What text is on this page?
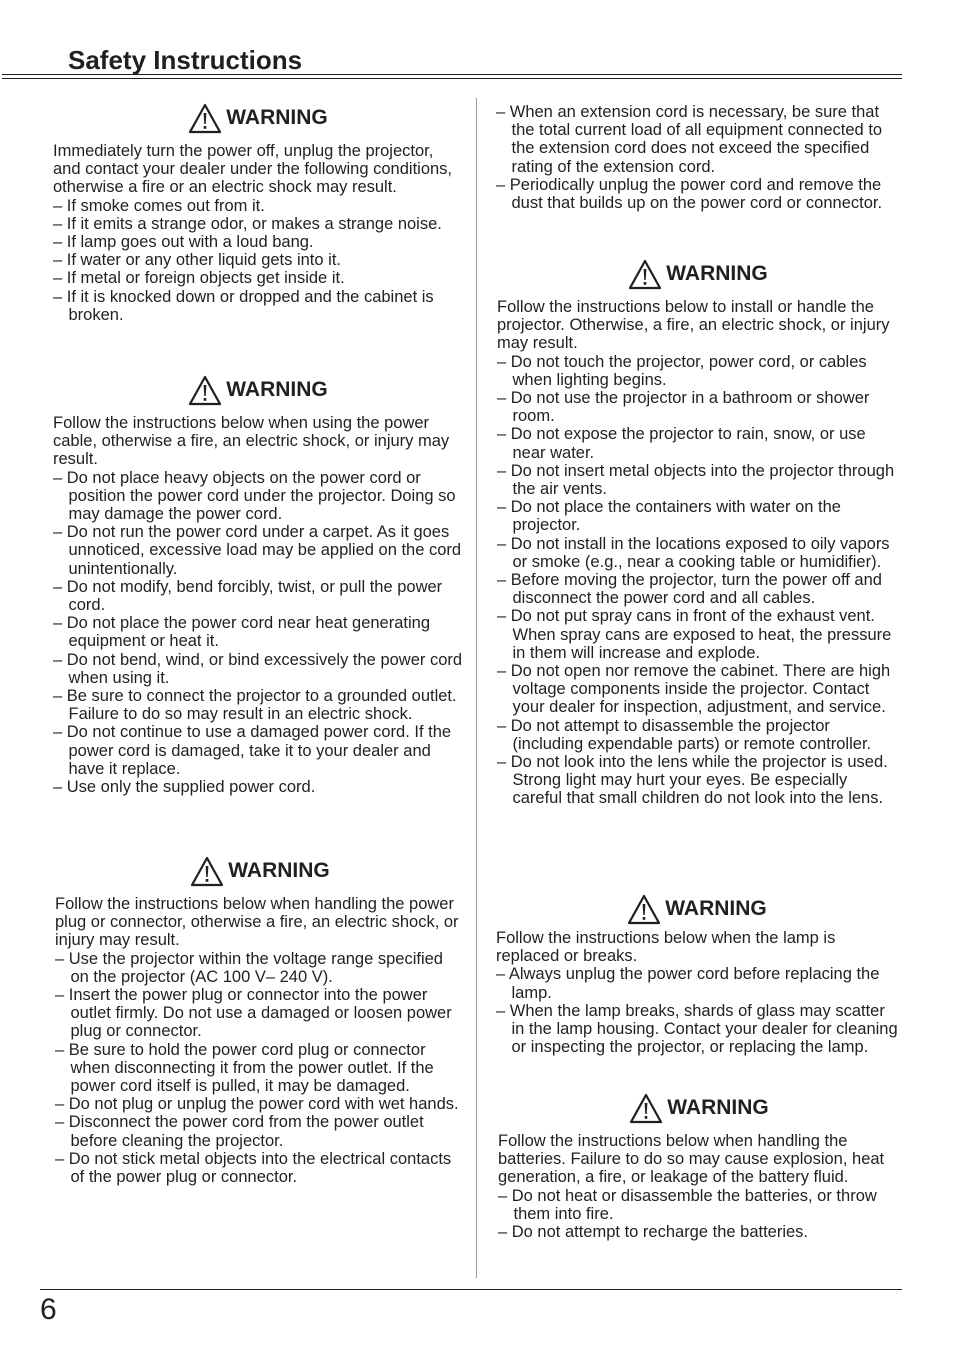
Safety Instructions
WARNING

Immediately turn the power off, unplug the projector, and contact your dealer under the following conditions, otherwise a fire or an electric shock may result.

– If smoke comes out from it.
– If it emits a strange odor, or makes a strange noise.
– If lamp goes out with a loud bang.
– If water or any other liquid gets into it.
– If metal or foreign objects get inside it.
– If it is knocked down or dropped and the cabinet is broken.
WARNING

Follow the instructions below when using the power cable, otherwise a fire, an electric shock, or injury may result.

– Do not place heavy objects on the power cord or position the power cord under the projector. Doing so may damage the power cord.
– Do not run the power cord under a carpet. As it goes unnoticed, excessive load may be applied on the cord unintentionally.
– Do not modify, bend forcibly, twist, or pull the power cord.
– Do not place the power cord near heat generating equipment or heat it.
– Do not bend, wind, or bind excessively the power cord when using it.
– Be sure to connect the projector to a grounded outlet. Failure to do so may result in an electric shock.
– Do not continue to use a damaged power cord. If the power cord is damaged, take it to your dealer and have it replace.
– Use only the supplied power cord.
WARNING

Follow the instructions below when handling the power plug or connector, otherwise a fire, an electric shock, or injury may result.

– Use the projector within the voltage range specified on the projector (AC 100 V– 240 V).
– Insert the power plug or connector into the power outlet firmly. Do not use a damaged or loosen power plug or connector.
– Be sure to hold the power cord plug or connector when disconnecting it from the power outlet. If the power cord itself is pulled, it may be damaged.
– Do not plug or unplug the power cord with wet hands.
– Disconnect the power cord from the power outlet before cleaning the projector.
– Do not stick metal objects into the electrical contacts of the power plug or connector.
– When an extension cord is necessary, be sure that the total current load of all equipment connected to the extension cord does not exceed the specified rating of the extension cord.
– Periodically unplug the power cord and remove the dust that builds up on the power cord or connector.
WARNING

Follow the instructions below to install or handle the projector. Otherwise, a fire, an electric shock, or injury may result.

– Do not touch the projector, power cord, or cables when lighting begins.
– Do not use the projector in a bathroom or shower room.
– Do not expose the projector to rain, snow, or use near water.
– Do not insert metal objects into the projector through the air vents.
– Do not place the containers with water on the projector.
– Do not install in the locations exposed to oily vapors or smoke (e.g., near a cooking table or humidifier).
– Before moving the projector, turn the power off and disconnect the power cord and all cables.
– Do not put spray cans in front of the exhaust vent. When spray cans are exposed to heat, the pressure in them will increase and explode.
– Do not open nor remove the cabinet. There are high voltage components inside the projector. Contact your dealer for inspection, adjustment, and service.
– Do not attempt to disassemble the projector (including expendable parts) or remote controller.
– Do not look into the lens while the projector is used. Strong light may hurt your eyes. Be especially careful that small children do not look into the lens.
WARNING

Follow the instructions below when the lamp is replaced or breaks.

– Always unplug the power cord before replacing the lamp.
– When the lamp breaks, shards of glass may scatter in the lamp housing. Contact your dealer for cleaning or inspecting the projector, or replacing the lamp.
WARNING

Follow the instructions below when handling the batteries. Failure to do so may cause explosion, heat generation, a fire, or leakage of the battery fluid.

– Do not heat or disassemble the batteries, or throw them into fire.
– Do not attempt to recharge the batteries.
6
